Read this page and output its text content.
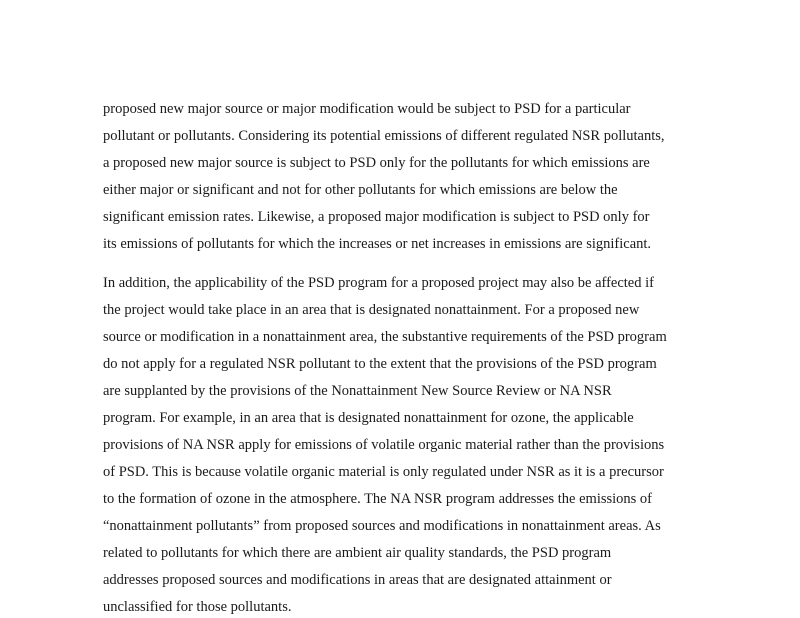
proposed new major source or major modification would be subject to PSD for a particular
pollutant or pollutants. Considering its potential emissions of different regulated NSR pollutants,
a proposed new major source is subject to PSD only for the pollutants for which emissions are
either major or significant and not for other pollutants for which emissions are below the
significant emission rates. Likewise, a proposed major modification is subject to PSD only for
its emissions of pollutants for which the increases or net increases in emissions are significant.
In addition, the applicability of the PSD program for a proposed project may also be affected if
the project would take place in an area that is designated nonattainment. For a proposed new
source or modification in a nonattainment area, the substantive requirements of the PSD program
do not apply for a regulated NSR pollutant to the extent that the provisions of the PSD program
are supplanted by the provisions of the Nonattainment New Source Review or NA NSR
program. For example, in an area that is designated nonattainment for ozone, the applicable
provisions of NA NSR apply for emissions of volatile organic material rather than the provisions
of PSD. This is because volatile organic material is only regulated under NSR as it is a precursor
to the formation of ozone in the atmosphere. The NA NSR program addresses the emissions of
“nonattainment pollutants” from proposed sources and modifications in nonattainment areas. As
related to pollutants for which there are ambient air quality standards, the PSD program
addresses proposed sources and modifications in areas that are designated attainment or
unclassified for those pollutants.
